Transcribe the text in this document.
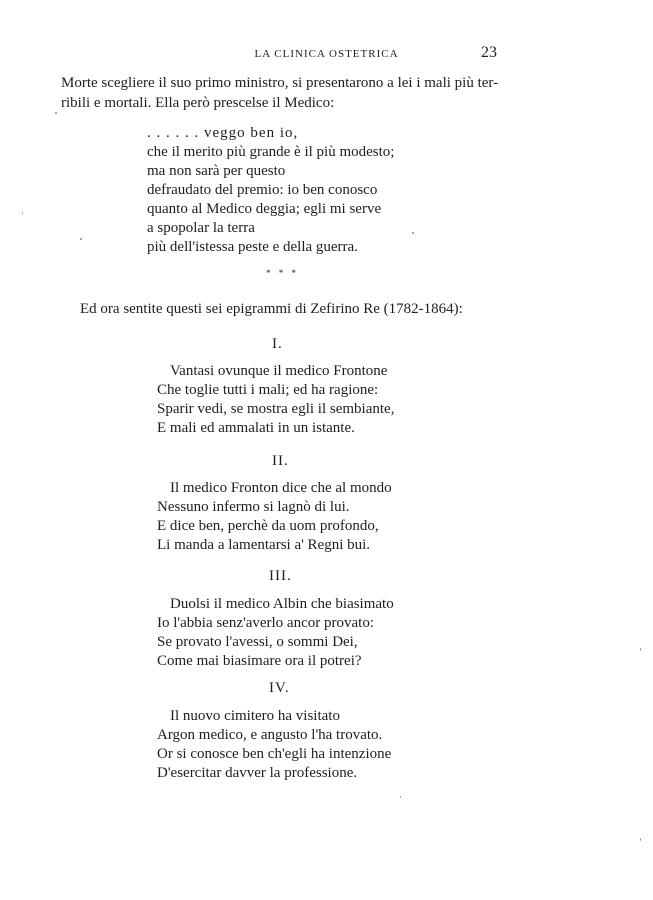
LA CLINICA OSTETRICA	23
Morte scegliere il suo primo ministro, si presentarono a lei i mali più ter-
ribili e mortali. Ella però prescelse il Medico:
. . . . . . veggo ben io,
che il merito più grande è il più modesto;
ma non sarà per questo
defraudato del premio: io ben conosco
quanto al Medico deggia; egli mi serve
a spopolar la terra
più dell'istessa peste e della guerra.
* * *
Ed ora sentite questi sei epigrammi di Zefirino Re (1782-1864):
I.
Vantasi ovunque il medico Frontone
Che toglie tutti i mali; ed ha ragione:
Sparir vedi, se mostra egli il sembiante,
E mali ed ammalati in un istante.
II.
Il medico Fronton dice che al mondo
Nessuno infermo si lagnò di lui.
E dice ben, perchè da uom profondo,
Li manda a lamentarsi a' Regni bui.
III.
Duolsi il medico Albin che biasimato
Io l'abbia senz'averlo ancor provato:
Se provato l'avessi, o sommi Dei,
Come mai biasimare ora il potrei?
IV.
Il nuovo cimitero ha visitato
Argon medico, e angusto l'ha trovato.
Or si conosce ben ch'egli ha intenzione
D'esercitar davver la professione.
